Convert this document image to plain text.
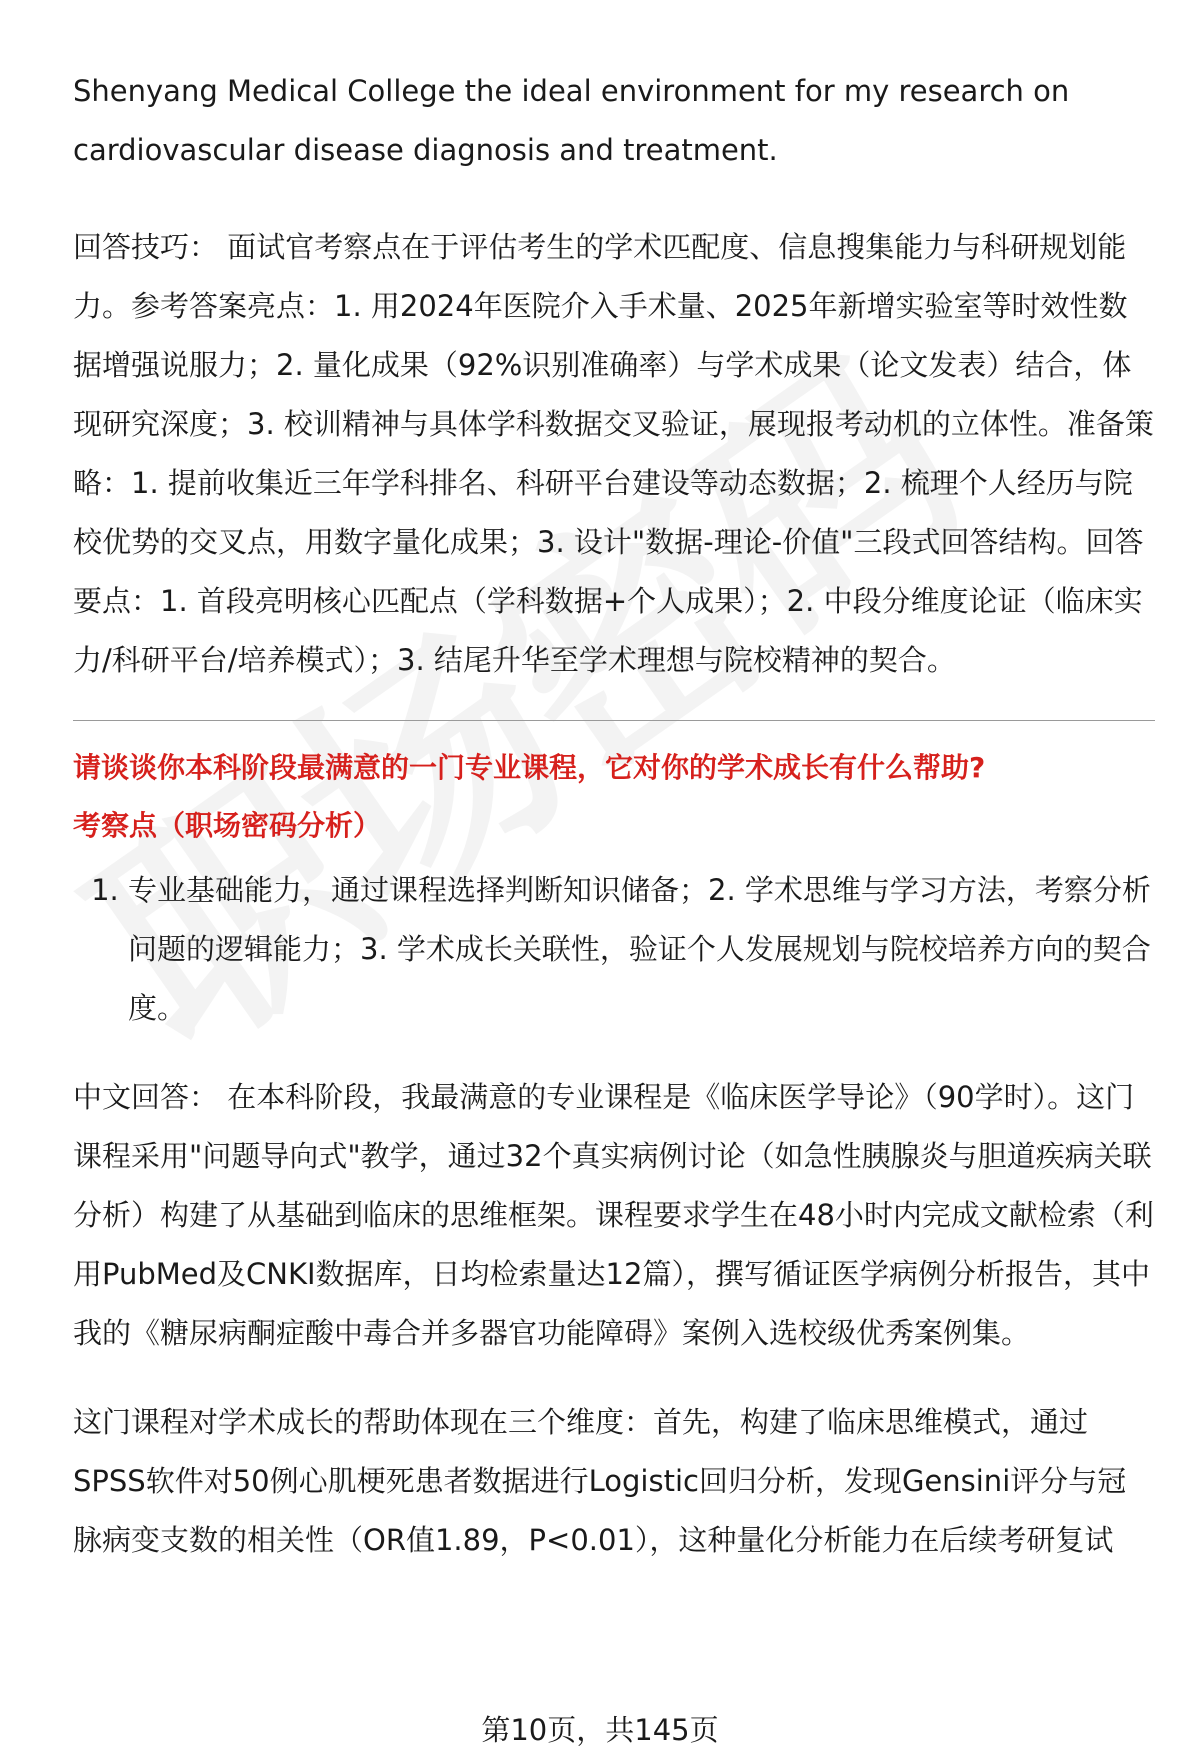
Shenyang Medical College the ideal environment for my research on cardiovascular disease diagnosis and treatment.

回答技巧： 面试官考察点在于评估考生的学术匹配度、信息搜集能力与科研规划能力。参考答案亮点：1. 用2024年医院介入手术量、2025年新增实验室等时效性数据增强说服力；2. 量化成果（92%识别准确率）与学术成果（论文发表）结合，体现研究深度；3. 校训精神与具体学科数据交叉验证，展现报考动机的立体性。准备策略：1. 提前收集近三年学科排名、科研平台建设等动态数据；2. 梳理个人经历与院校优势的交叉点，用数字量化成果；3. 设计"数据-理论-价值"三段式回答结构。回答要点：1. 首段亮明核心匹配点（学科数据+个人成果）；2. 中段分维度论证（临床实力/科研平台/培养模式）；3. 结尾升华至学术理想与院校精神的契合。

请谈谈你本科阶段最满意的一门专业课程，它对你的学术成长有什么帮助?

考察点（职场密码分析）

1. 专业基础能力，通过课程选择判断知识储备；2. 学术思维与学习方法，考察分析问题的逻辑能力；3. 学术成长关联性，验证个人发展规划与院校培养方向的契合度。

中文回答： 在本科阶段，我最满意的专业课程是《临床医学导论》（90学时）。这门课程采用"问题导向式"教学，通过32个真实病例讨论（如急性胰腺炎与胆道疾病关联分析）构建了从基础到临床的思维框架。课程要求学生在48小时内完成文献检索（利用PubMed及CNKI数据库，日均检索量达12篇），撰写循证医学病例分析报告，其中我的《糖尿病酮症酸中毒合并多器官功能障碍》案例入选校级优秀案例集。

这门课程对学术成长的帮助体现在三个维度：首先，构建了临床思维模式，通过SPSS软件对50例心肌梗死患者数据进行Logistic回归分析，发现Gensini评分与冠脉病变支数的相关性（OR值1.89，P<0.01），这种量化分析能力在后续考研复试

第10页，共145页
